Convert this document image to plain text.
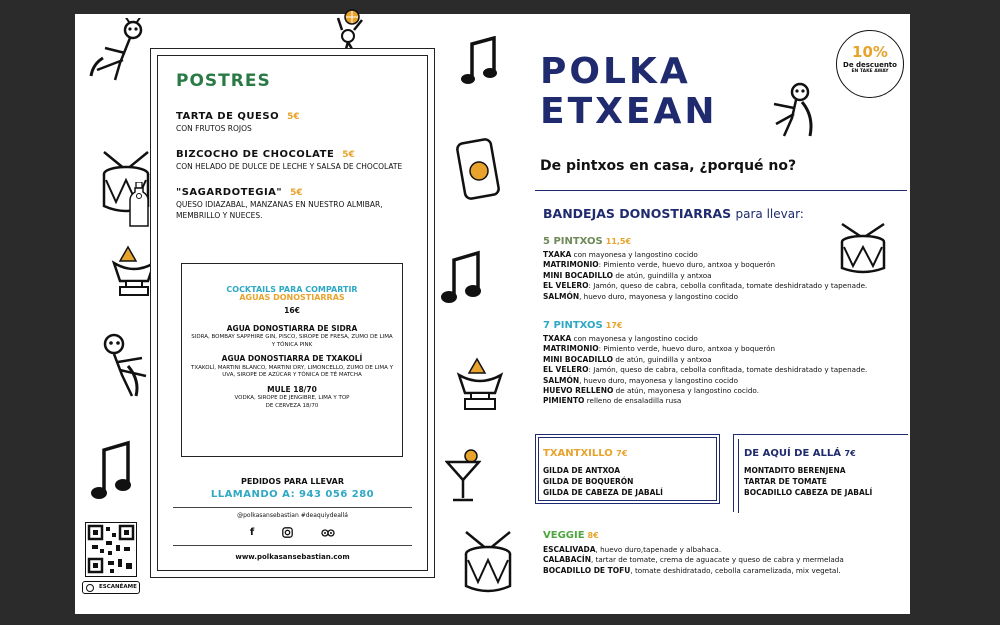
ESCANÉAME
POSTRES
TARTA DE QUESO 5€
CON FRUTOS ROJOS
BIZCOCHO DE CHOCOLATE 5€
CON HELADO DE DULCE DE LECHE Y SALSA DE CHOCOLATE
"SAGARDOTEGIA" 5€
QUESO IDIAZABAL, MANZANAS EN NUESTRO ALMIBAR, MEMBRILLO Y NUECES.
COCKTAILS PARA COMPARTIR
AGUAS DONOSTIARRAS
16€
AGUA DONOSTIARRA DE SIDRA
SIDRA, BOMBAY SAPPHIRE GIN, PISCO, SIROPE DE FRESA, ZUMO DE LIMA Y TÓNICA PINK
AGUA DONOSTIARRA DE TXAKOLÍ
TXAKOLÍ, MARTINI BLANCO, MARTINI DRY, LIMONCELLO, ZUMO DE LIMA Y UVA, SIROPE DE AZÚCAR Y TÓNICA DE TÉ MATCHA
MULE 18/70
VODKA, SIROPE DE JENGIBRE, LIMA Y TOP DE CERVEZA 18/70
PEDIDOS PARA LLEVAR
LLAMANDO A: 943 056 280
@polkasansebastian #deaquiydeallá
f
www.polkasansebastian.com
10%
De descuento
EN TAKE AWAY
POLKA
ETXEAN
De pintxos en casa, ¿porqué no?
BANDEJAS DONOSTIARRAS para llevar:
5 PINTXOS 11,5€
TXAKA con mayonesa y langostino cocido
MATRIMONIO: Pimiento verde, huevo duro, antxoa y boquerón
MINI BOCADILLO de atún, guindilla y antxoa
EL VELERO: Jamón, queso de cabra, cebolla confitada, tomate deshidratado y tapenade.
SALMÓN, huevo duro, mayonesa y langostino cocido
7 PINTXOS 17€
TXAKA con mayonesa y langostino cocido
MATRIMONIO: Pimiento verde, huevo duro, antxoa y boquerón
MINI BOCADILLO de atún, guindilla y antxoa
EL VELERO: Jamón, queso de cabra, cebolla confitada, tomate deshidratado y tapenade.
SALMÓN, huevo duro, mayonesa y langostino cocido
HUEVO RELLENO de atún, mayonesa y langostino cocido.
PIMIENTO relleno de ensaladilla rusa
TXANTXILLO 7€
GILDA DE ANTXOA
GILDA DE BOQUERÓN
GILDA DE CABEZA DE JABALÍ
DE AQUÍ DE ALLÁ 7€
MONTADITO BERENJENA
TARTAR DE TOMATE
BOCADILLO CABEZA DE JABALÍ
VEGGIE 8€
ESCALIVADA, huevo duro,tapenade y albahaca.
CALABACÍN, tartar de tomate, crema de aguacate y queso de cabra y mermelada
BOCADILLO DE TOFU, tomate deshidratado, cebolla caramelizada, mix vegetal.
